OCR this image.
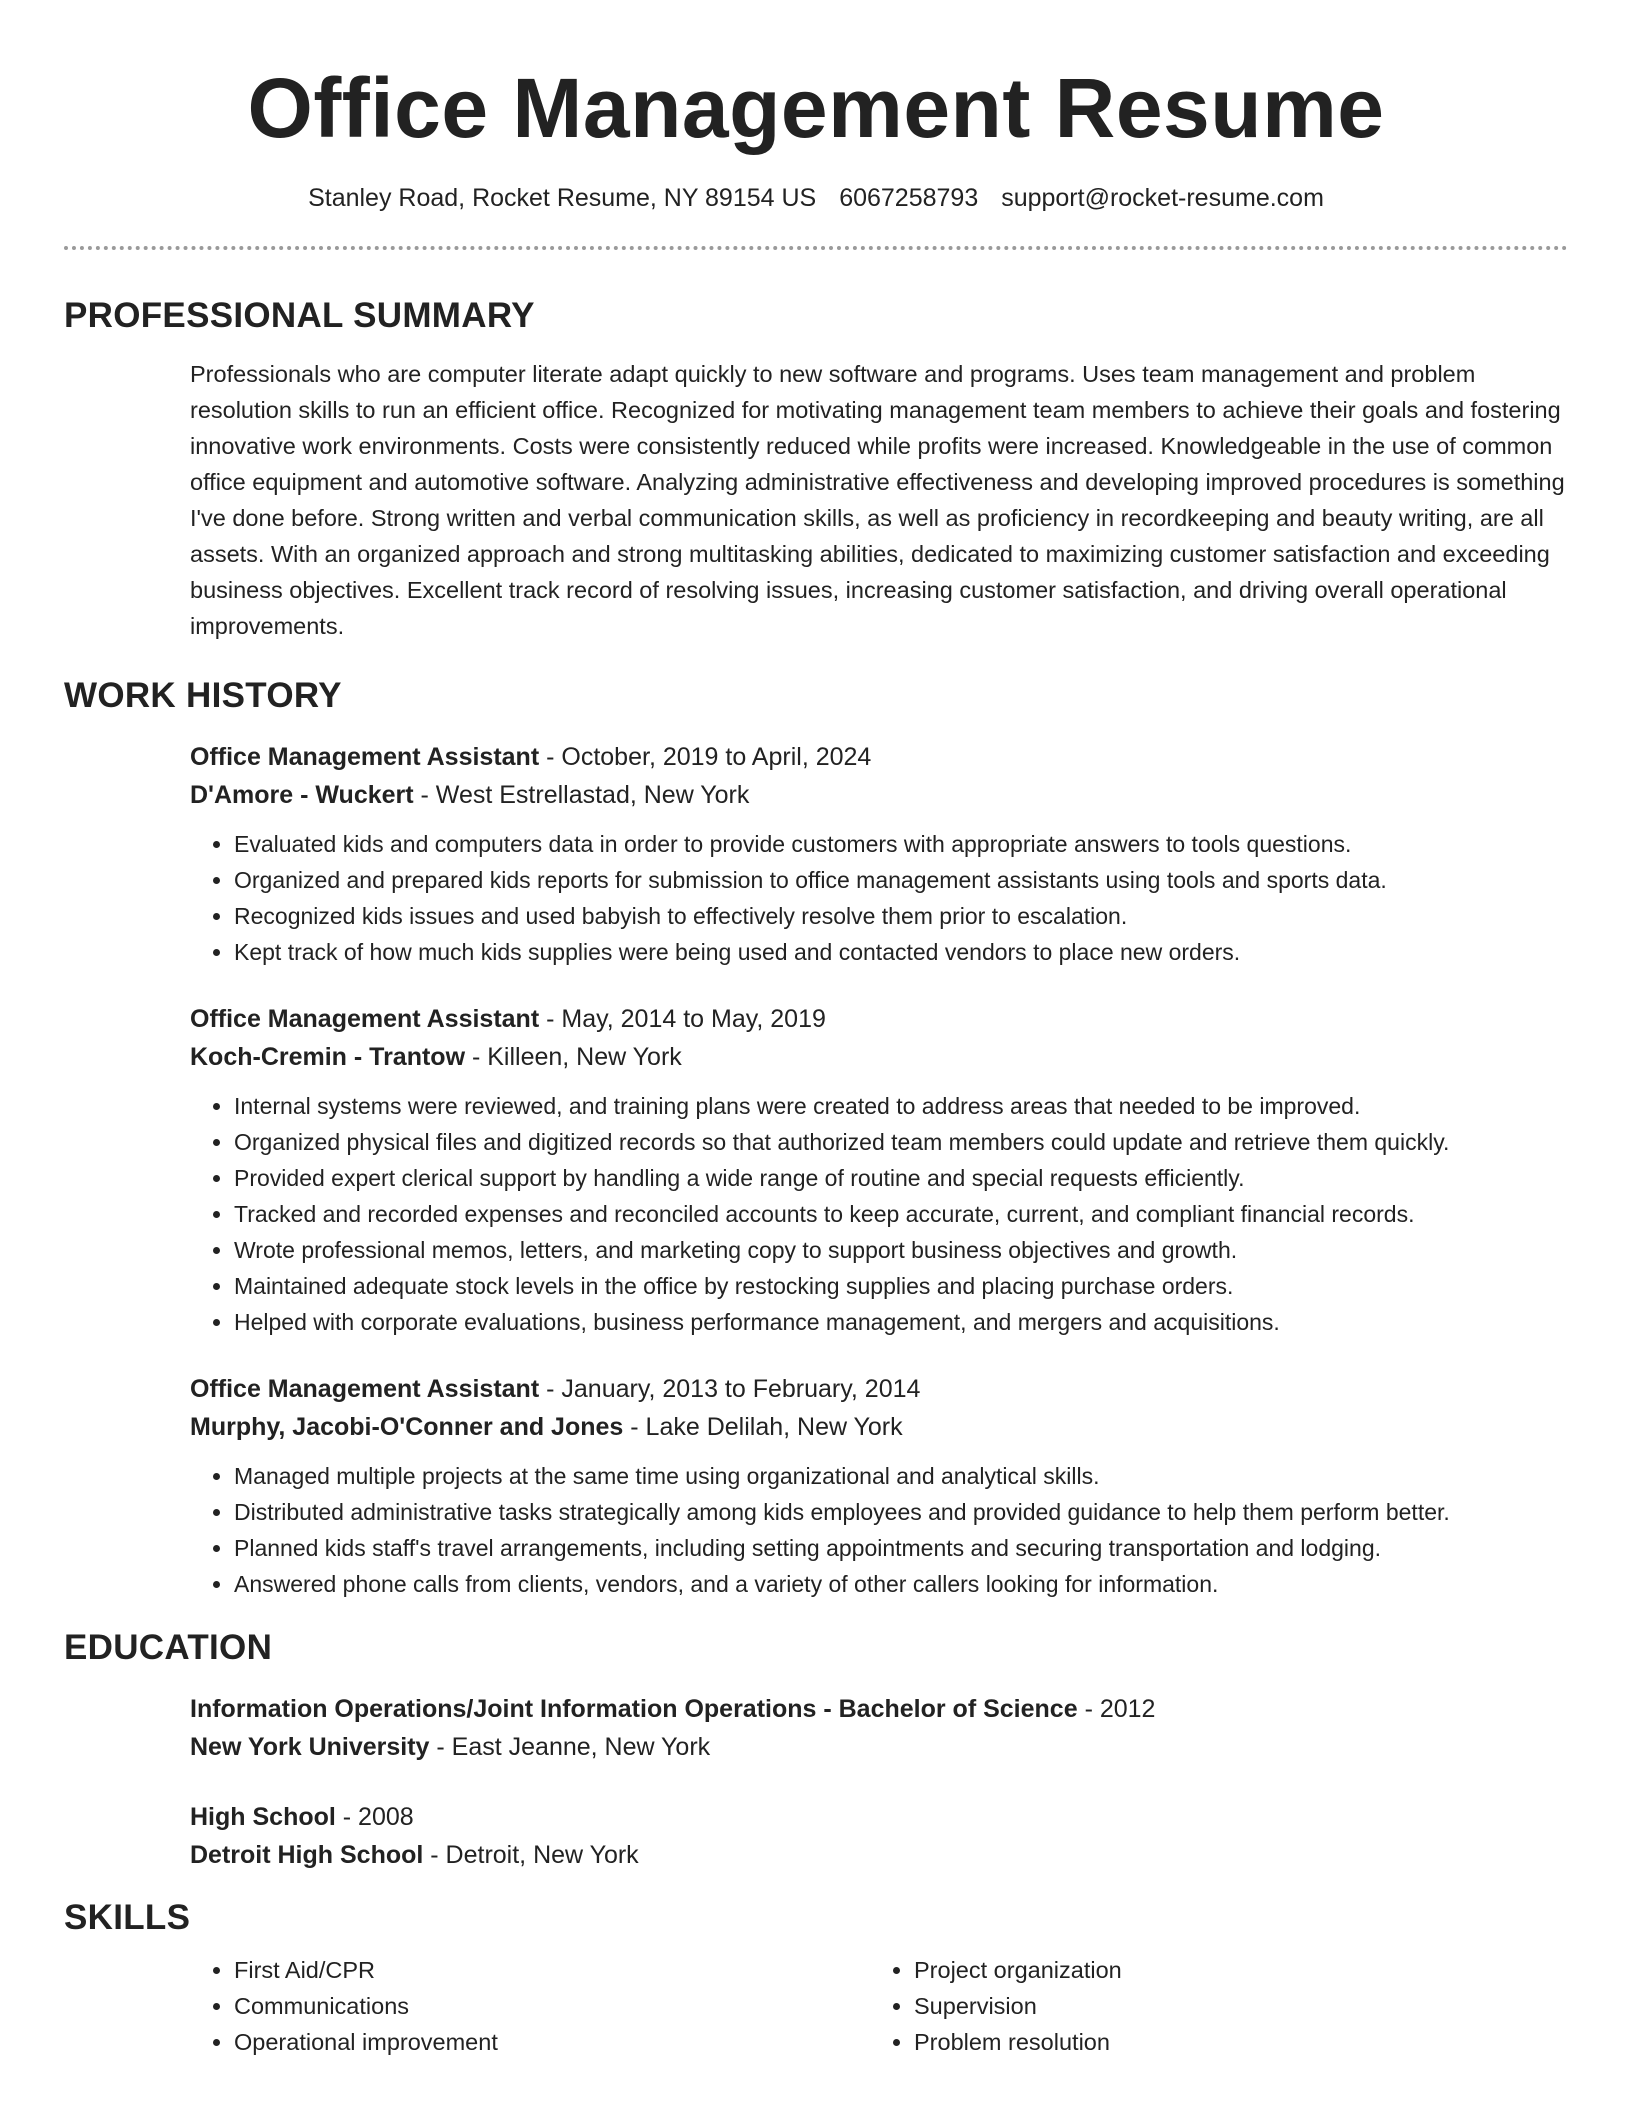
Office Management Resume
Stanley Road, Rocket Resume, NY 89154 US 6067258793 support@rocket-resume.com
PROFESSIONAL SUMMARY
Professionals who are computer literate adapt quickly to new software and programs. Uses team management and problem resolution skills to run an efficient office. Recognized for motivating management team members to achieve their goals and fostering innovative work environments. Costs were consistently reduced while profits were increased. Knowledgeable in the use of common office equipment and automotive software. Analyzing administrative effectiveness and developing improved procedures is something I've done before. Strong written and verbal communication skills, as well as proficiency in recordkeeping and beauty writing, are all assets. With an organized approach and strong multitasking abilities, dedicated to maximizing customer satisfaction and exceeding business objectives. Excellent track record of resolving issues, increasing customer satisfaction, and driving overall operational improvements.
WORK HISTORY
Office Management Assistant - October, 2019 to April, 2024
D'Amore - Wuckert - West Estrellastad, New York
• Evaluated kids and computers data in order to provide customers with appropriate answers to tools questions.
• Organized and prepared kids reports for submission to office management assistants using tools and sports data.
• Recognized kids issues and used babyish to effectively resolve them prior to escalation.
• Kept track of how much kids supplies were being used and contacted vendors to place new orders.
Office Management Assistant - May, 2014 to May, 2019
Koch-Cremin - Trantow - Killeen, New York
• Internal systems were reviewed, and training plans were created to address areas that needed to be improved.
• Organized physical files and digitized records so that authorized team members could update and retrieve them quickly.
• Provided expert clerical support by handling a wide range of routine and special requests efficiently.
• Tracked and recorded expenses and reconciled accounts to keep accurate, current, and compliant financial records.
• Wrote professional memos, letters, and marketing copy to support business objectives and growth.
• Maintained adequate stock levels in the office by restocking supplies and placing purchase orders.
• Helped with corporate evaluations, business performance management, and mergers and acquisitions.
Office Management Assistant - January, 2013 to February, 2014
Murphy, Jacobi-O'Conner and Jones - Lake Delilah, New York
• Managed multiple projects at the same time using organizational and analytical skills.
• Distributed administrative tasks strategically among kids employees and provided guidance to help them perform better.
• Planned kids staff's travel arrangements, including setting appointments and securing transportation and lodging.
• Answered phone calls from clients, vendors, and a variety of other callers looking for information.
EDUCATION
Information Operations/Joint Information Operations - Bachelor of Science - 2012
New York University - East Jeanne, New York
High School - 2008
Detroit High School - Detroit, New York
SKILLS
• First Aid/CPR
• Communications
• Operational improvement
• Project organization
• Supervision
• Problem resolution
